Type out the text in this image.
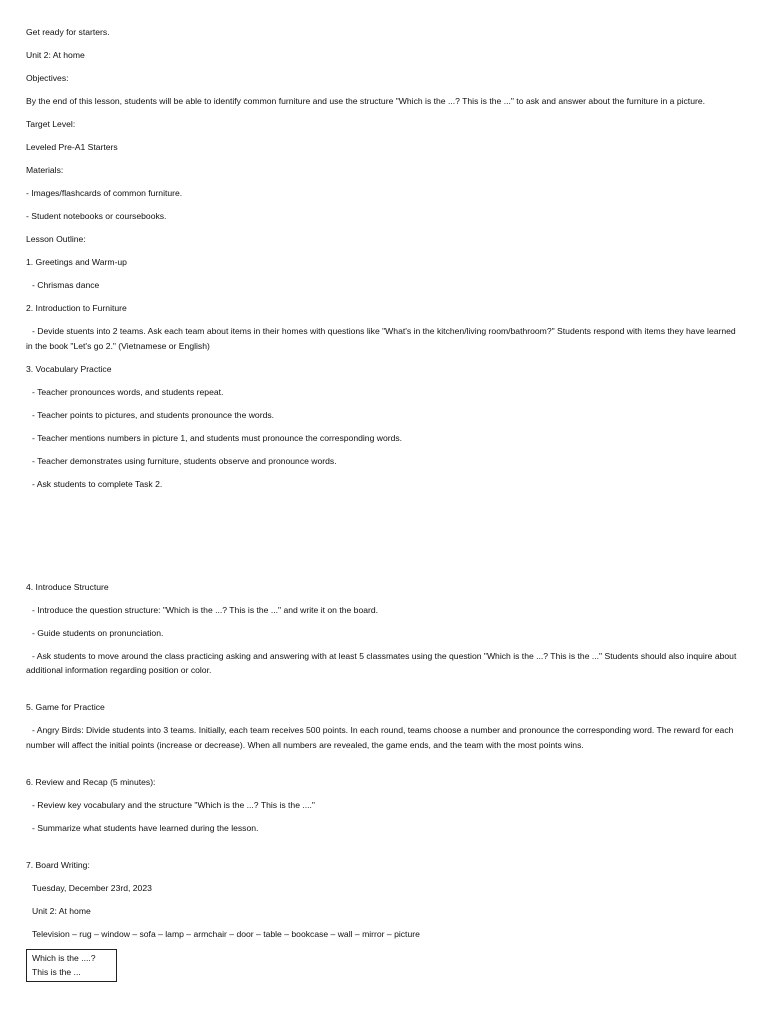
Get ready for starters.

Unit 2: At home

Objectives:

By the end of this lesson, students will be able to identify common furniture and use the structure "Which is the ...? This is the ..." to ask and answer about the furniture in a picture.

Target Level:

Leveled Pre-A1 Starters

Materials:

- Images/flashcards of common furniture.

- Student notebooks or coursebooks.

Lesson Outline:

1. Greetings and Warm-up

- Chrismas dance

2. Introduction to Furniture

- Devide stuents into 2 teams. Ask each team about items in their homes with questions like "What's in the kitchen/living room/bathroom?" Students respond with items they have learned in the book "Let's go 2." (Vietnamese or English)

3. Vocabulary Practice

- Teacher pronounces words, and students repeat.

- Teacher points to pictures, and students pronounce the words.

- Teacher mentions numbers in picture 1, and students must pronounce the corresponding words.

- Teacher demonstrates using furniture, students observe and pronounce words.

- Ask students to complete Task 2.

4. Introduce Structure

- Introduce the question structure: "Which is the ...? This is the ..." and write it on the board.

- Guide students on pronunciation.

- Ask students to move around the class practicing asking and answering with at least 5 classmates using the question "Which is the ...? This is the ..." Students should also inquire about additional information regarding position or color.

5. Game for Practice

- Angry Birds: Divide students into 3 teams. Initially, each team receives 500 points. In each round, teams choose a number and pronounce the corresponding word. The reward for each number will affect the initial points (increase or decrease). When all numbers are revealed, the game ends, and the team with the most points wins.

6. Review and Recap (5 minutes):

- Review key vocabulary and the structure "Which is the ...? This is the ...."

- Summarize what students have learned during the lesson.

7. Board Writing:

Tuesday, December 23rd, 2023

Unit 2: At home

Television – rug – window – sofa – lamp – armchair – door – table – bookcase – wall – mirror – picture

Which is the ....?
This is the ...
